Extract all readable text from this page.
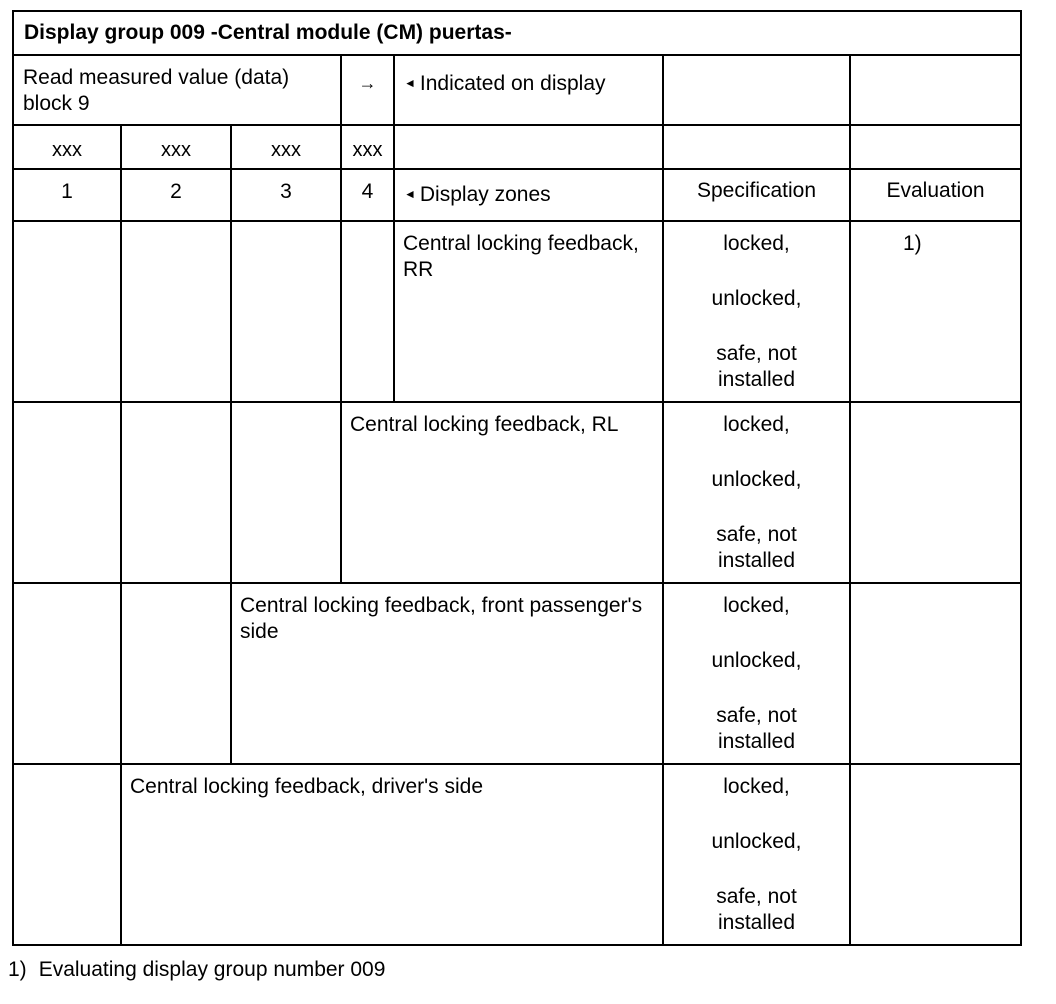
Display group 009 -Central module (CM) puertas-						
Read measured value (data) block 9			→	◄ Indicated on display		
xxx	xxx	xxx	xxx			
1	2	3	4	◄ Display zones	Specification	Evaluation
				Central locking feedback, RR	locked,
unlocked,
safe, not installed	1)
			Central locking feedback, RL		locked,
unlocked,
safe, not installed	

		Central locking feedback, front passenger's side			locked,
unlocked,
safe, not installed	

	Central locking feedback, driver's side				locked,
unlocked,
safe, not installed	

1) Evaluating display group number 009
